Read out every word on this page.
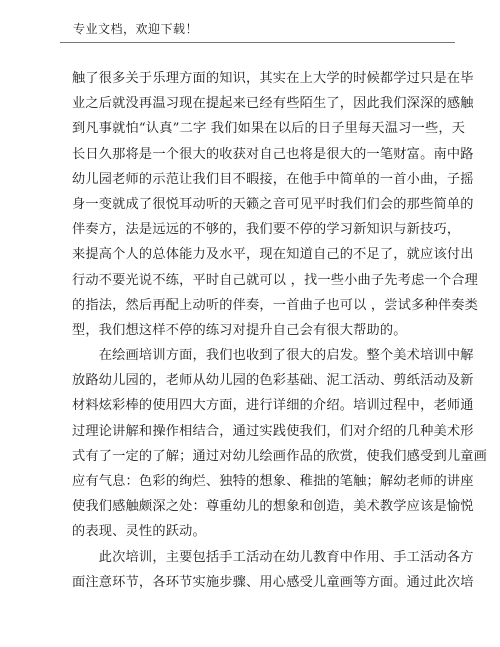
专业文档，欢迎下载！
触了很多关于乐理方面的知识，其实在上大学的时候都学过只是在毕
业之后就没再温习现在提起来已经有些陌生了，因此我们深深的感触
到凡事就怕“认真”二字 我们如果在以后的日子里每天温习一些，天
长日久那将是一个很大的收获对自己也将是很大的一笔财富。南中路
幼儿园老师的示范让我们目不暇接，在他手中简单的一首小曲，子摇
身一变就成了很悦耳动听的天籁之音可见平时我们们会的那些简单的
伴奏方，法是远远的不够的，我们要不停的学习新知识与新技巧，
来提高个人的总体能力及水平，现在知道自己的不足了，就应该付出
行动不要光说不练，平时自己就可以 ，找一些小曲子先考虑一个合理
的指法，然后再配上动听的伴奏，一首曲子也可以 ，尝试多种伴奏类
型，我们想这样不停的练习对提升自己会有很大帮助的。
　　在绘画培训方面，我们也收到了很大的启发。整个美术培训中解
放路幼儿园的，老师从幼儿园的色彩基础、泥工活动、剪纸活动及新
材料炫彩棒的使用四大方面，进行详细的介绍。培训过程中，老师通
过理论讲解和操作相结合，通过实践使我们，们对介绍的几种美术形
式有了一定的了解；通过对幼儿绘画作品的欣赏，使我们感受到儿童画
应有气息：色彩的绚烂、独特的想象、稚拙的笔触；解幼老师的讲座
使我们感触颇深之处：尊重幼儿的想象和创造，美术教学应该是愉悦
的表现、灵性的跃动。
　　此次培训，主要包括手工活动在幼儿教育中作用、手工活动各方
面注意环节，各环节实施步骤、用心感受儿童画等方面。通过此次培
